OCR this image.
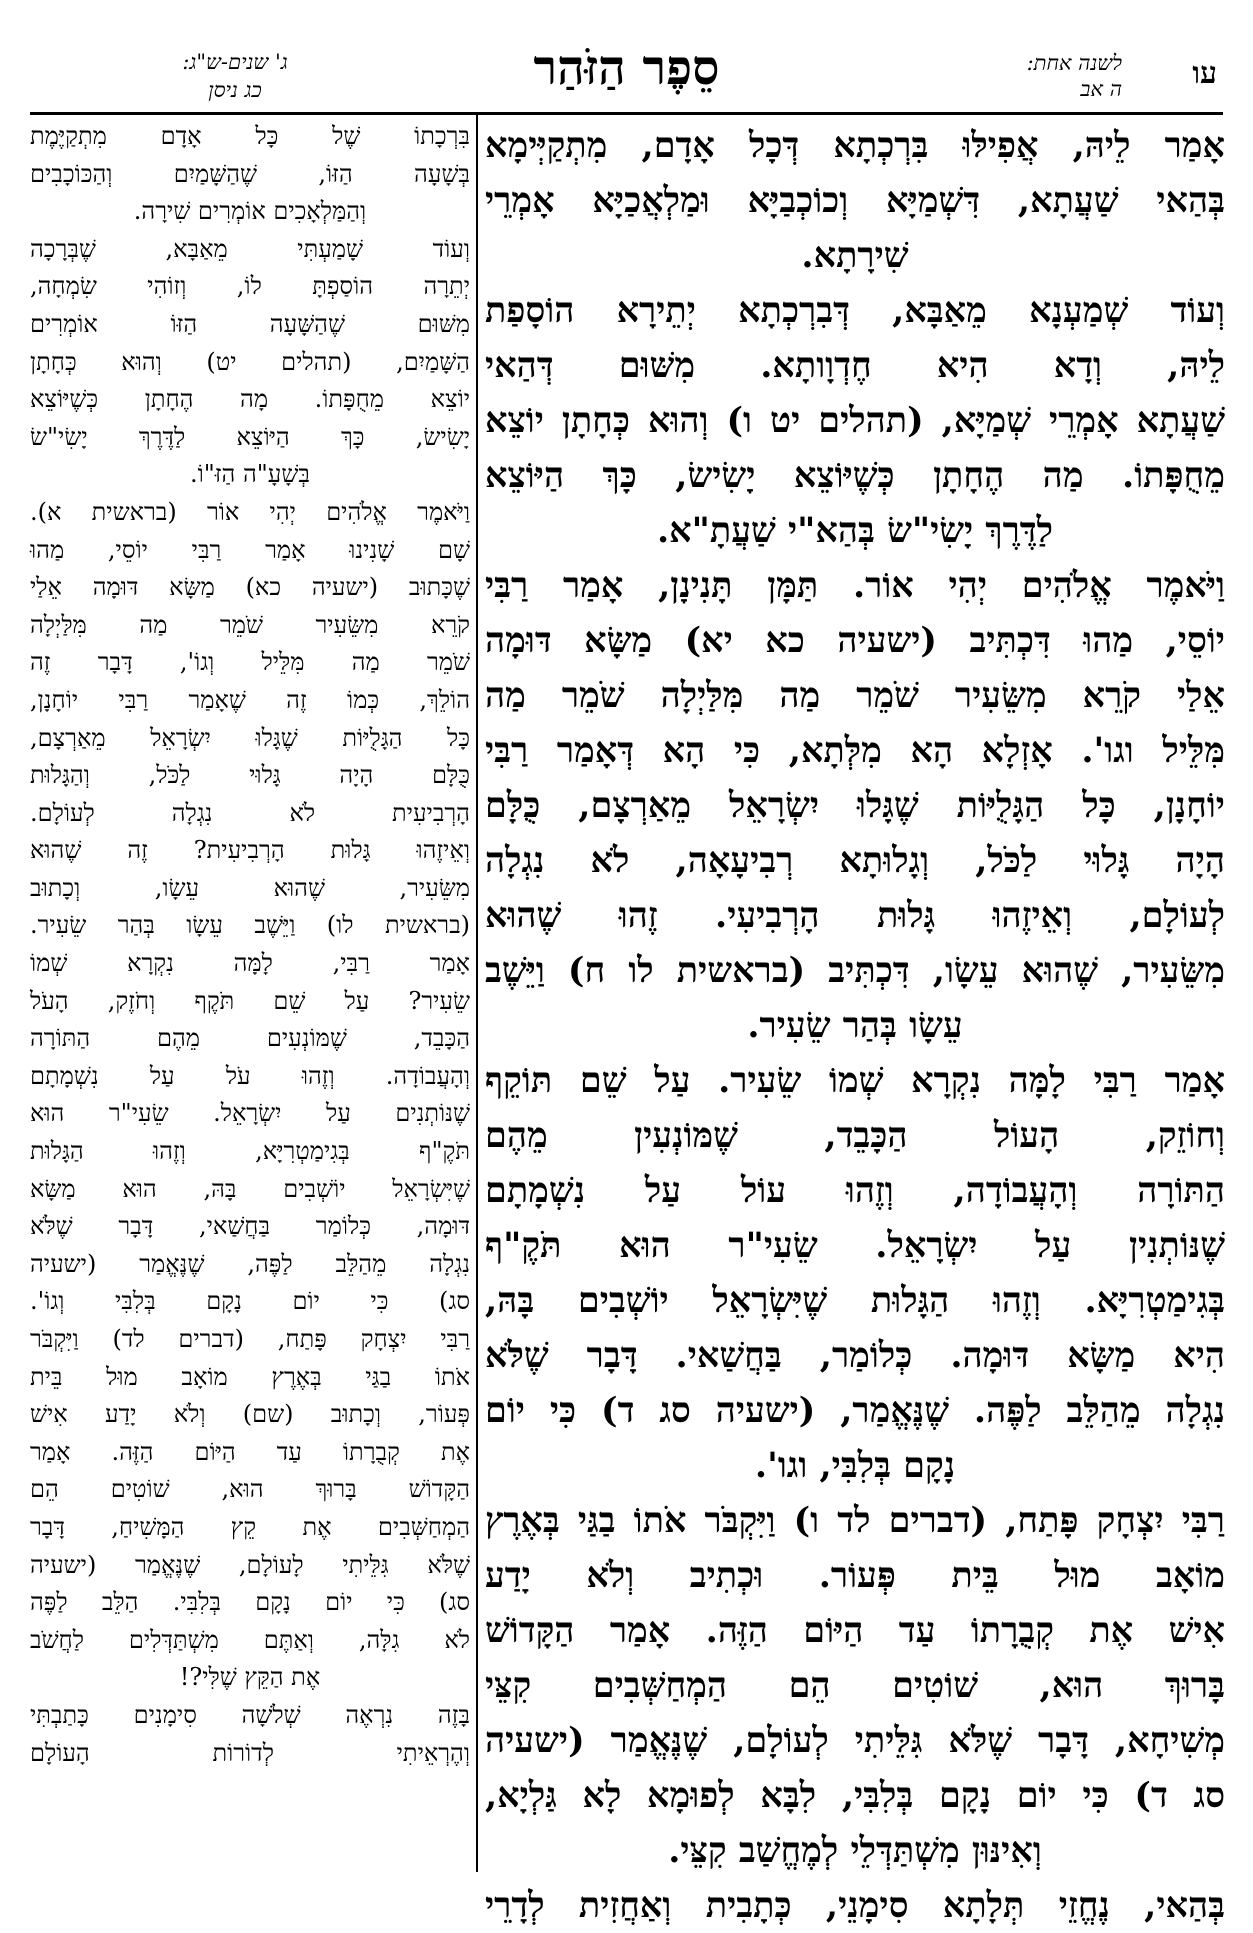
עו
לשנה אחת:
ה אב
סֵפֶר הַזֹּהַר
ג' שנים-ש"ג:
כג ניסן

אָמַר לֵיהּ, אֲפִילּוּ בִּרְכְתָא דְּכָל אָדָם, מִתְקַיְּימָא

בְּהַאי שַׁעֲתָא, דִּשְׁמַיָּא וְכוֹכְבַיָּא וּמַלְאֲכַיָּא אָמְרֵי

שִׁירָתָא.

וְעוֹד שְׁמַעְנָא מֵאַבָּא, דְּבִרְכְתָא יְתֵירָא הוֹסָפַת

לֵיהּ, וְדָא הִיא חֶדְוָותָא. מִשּׁוּם דְּהַאי

שַׁעֲתָא אָמְרֵי שְׁמַיָּא, (תהלים יט ו) וְהוּא כְּחָתָן יוֹצֵא

מֵחֻפָּתוֹ. מַה הֶחָתָן כְּשֶׁיּוֹצֵא יָשִׂישׂ, כָּךְ הַיּוֹצֵא

לַדֶּרֶךְ יָשִׂי"שׂ בְּהַא"י שַׁעֲתָ"א.

וַיֹּאמֶר אֱלֹהִים יְהִי אוֹר. תַּמָּן תָּנִינָן, אָמַר רַבִּי

יוֹסֵי, מַהוּ דִּכְתִּיב (ישעיה כא יא) מַשָּׂא דּוּמָה

אֵלַי קֹרֵא מִשֵּׂעִיר שֹׁמֵר מַה מִּלַּיְלָה שֹׁמֵר מַה

מִּלֵּיל וגו'. אָזְלָא הָא מִלְּתָא, כִּי הָא דְּאָמַר רַבִּי

יוֹחָנָן, כָּל הַגָּלֻיּוֹת שֶׁגָּלוּ יִשְׂרָאֵל מֵאַרְצָם, כֻּלָּם

הָיָה גָּלוּי לַכֹּל, וְגָלוּתָא רְבִיעָאָה, לֹא נִגְלָה

לְעוֹלָם, וְאֵיזֶהוּ גָּלוּת הָרְבִיעִי. זֶהוּ שֶׁהוּא

מִשֵּׂעִיר, שֶׁהוּא עֵשָׂו, דִּכְתִּיב (בראשית לו ח) וַיֵּשֶׁב

עֵשָׂו בְּהַר שֵׂעִיר.

אָמַר רַבִּי לָמָּה נִקְרָא שְׁמוֹ שֵׂעִיר. עַל שֵׁם תּוֹקֵף

וְחוֹזֵק, הָעוֹל הַכָּבֵד, שֶׁמּוֹנְעִין מֵהֶם

הַתּוֹרָה וְהָעֲבוֹדָה, וְזֶהוּ עוֹל עַל נִשְׁמָתָם

שֶׁנּוֹתְנִין עַל יִשְׂרָאֵל. שֵׂעִי"ר הוּא תֹּקֶ"ף

בְּגִימַטְרִיָּא. וְזֶהוּ הַגָּלוּת שֶׁיִּשְׂרָאֵל יוֹשְׁבִים בָּהּ,

הִיא מַשָּׂא דּוּמָה. כְּלוֹמַר, בַּחֲשַׁאי. דָּבָר שֶׁלֹּא

נִגְלָה מֵהַלֵּב לַפֶּה. שֶׁנֶּאֱמַר, (ישעיה סג ד) כִּי יוֹם

נָקָם בְּלִבִּי, וגו'.

רַבִּי יִצְחָק פָּתַח, (דברים לד ו) וַיִּקְבֹּר אֹתוֹ בַגַּי בְּאֶרֶץ

מוֹאָב מוּל בֵּית פְּעוֹר. וּכְתִיב וְלֹא יָדַע

אִישׁ אֶת קְבֻרָתוֹ עַד הַיּוֹם הַזֶּה. אָמַר הַקָּדוֹשׁ

בָּרוּךְ הוּא, שׁוֹטִים הֵם הַמְחַשְּׁבִים קִצֵּי

מְשִׁיחָא, דָּבָר שֶׁלֹּא גִּלֵּיתִי לְעוֹלָם, שֶׁנֶּאֱמַר (ישעיה

סג ד) כִּי יוֹם נָקָם בְּלִבִּי, לִבָּא לְפוּמָא לָא גַּלְיָא,

וְאִינּוּן מִשְׁתַּדְּלֵי לְמֶחֱשַׁב קִצֵּי.

בְּהַאי, נֶחֱזֵי תְּלָתָא סִימָנֵי, כְּתָבִית וְאַחֲזִית לְדָרֵי

בִּרְכָתוֹ שֶׁל כָּל אָדָם מִתְקַיֶּמֶת

בְּשָׁעָה הַזּוֹ, שֶׁהַשָּׁמַיִם וְהַכּוֹכָבִים

וְהַמַּלְאָכִים אוֹמְרִים שִׁירָה.

וְעוֹד שָׁמַעְתִּי מֵאַבָּא, שֶׁבְּרָכָה

יְתֵרָה הוֹסַפְתָּ לוֹ, וְזוֹהִי שִׂמְחָה,

מִשּׁוּם שֶׁהַשָּׁעָה הַזּוֹ אוֹמְרִים

הַשָּׁמַיִם, (תהלים יט) וְהוּא כְּחָתָן

יוֹצֵא מֵחֻפָּתוֹ. מָה הֶחָתָן כְּשֶׁיּוֹצֵא

יָשִׂישׂ, כָּךְ הַיּוֹצֵא לַדֶּרֶךְ יָשִׂי"שׂ

בְּשָׁעָ"ה הַזּ"וֹ.

וַיֹּאמֶר אֱלֹהִים יְהִי אוֹר (בראשית א).

שָׁם שָׁנִינוּ אָמַר רַבִּי יוֹסֵי, מַהוּ

שֶׁכָּתוּב (ישעיה כא) מַשָּׂא דּוּמָה אֵלַי

קֹרֵא מִשֵּׂעִיר שֹׁמֵר מַה מִּלַּיְלָה

שֹׁמֵר מַה מִּלֵּיל וְגוֹ', דָּבָר זֶה

הוֹלֵךְ, כְּמוֹ זֶה שֶׁאָמַר רַבִּי יוֹחָנָן,

כָּל הַגָּלֻיּוֹת שֶׁגָּלוּ יִשְׂרָאֵל מֵאַרְצָם,

כֻּלָּם הָיָה גָּלוּי לַכֹּל, וְהַגָּלוּת

הָרְבִיעִית לֹא נִגְלָה לְעוֹלָם.

וְאֵיזֶהוּ גָּלוּת הָרְבִיעִית? זֶה שֶׁהוּא

מִשֵּׂעִיר, שֶׁהוּא עֵשָׂו, וְכָתוּב

(בראשית לו) וַיֵּשֶׁב עֵשָׂו בְּהַר שֵׂעִיר.

אָמַר רַבִּי, לָמָּה נִקְרָא שְׁמוֹ

שֵׂעִיר? עַל שֵׁם תֹּקֶף וְחֹזֶק, הָעֹל

הַכָּבֵד, שֶׁמּוֹנְעִים מֵהֶם הַתּוֹרָה

וְהָעֲבוֹדָה. וְזֶהוּ עֹל עַל נִשְׁמָתָם

שֶׁנּוֹתְנִים עַל יִשְׂרָאֵל. שֵׂעִי"ר הוּא

תֹּקֶ"ף בְּגִימַטְרִיָּא, וְזֶהוּ הַגָּלוּת

שֶׁיִּשְׂרָאֵל יוֹשְׁבִים בָּהּ, הוּא מַשָּׂא

דּוּמָה, כְּלוֹמַר בַּחֲשַׁאי, דָּבָר שֶׁלֹּא

נִגְלָה מֵהַלֵּב לַפֶּה, שֶׁנֶּאֱמַר (ישעיה

סג) כִּי יוֹם נָקָם בְּלִבִּי וְגוֹ'.

רַבִּי יִצְחָק פָּתַח, (דברים לד) וַיִּקְבֹּר

אֹתוֹ בַגַּי בְּאֶרֶץ מוֹאָב מוּל בֵּית

פְּעוֹר, וְכָתוּב (שם) וְלֹא יָדַע אִישׁ

אֶת קְבֻרָתוֹ עַד הַיּוֹם הַזֶּה. אָמַר

הַקָּדוֹשׁ בָּרוּךְ הוּא, שׁוֹטִים הֵם

הַמְחַשְּׁבִים אֶת קֵץ הַמָּשִׁיחַ, דָּבָר

שֶׁלֹּא גִּלֵּיתִי לָעוֹלָם, שֶׁנֶּאֱמַר (ישעיה

סג) כִּי יוֹם נָקָם בְּלִבִּי. הַלֵּב לַפֶּה

לֹא גִלָּה, וְאַתֶּם מִשְׁתַּדְּלִים לַחֲשֹׁב

אֶת הַקֵּץ שֶׁלִּי?!

בָּזֶה נִרְאֶה שְׁלֹשָׁה סִימָנִים כָּתַבְתִּי

וְהֶרְאֵיתִי לְדוֹרוֹת הָעוֹלָם
